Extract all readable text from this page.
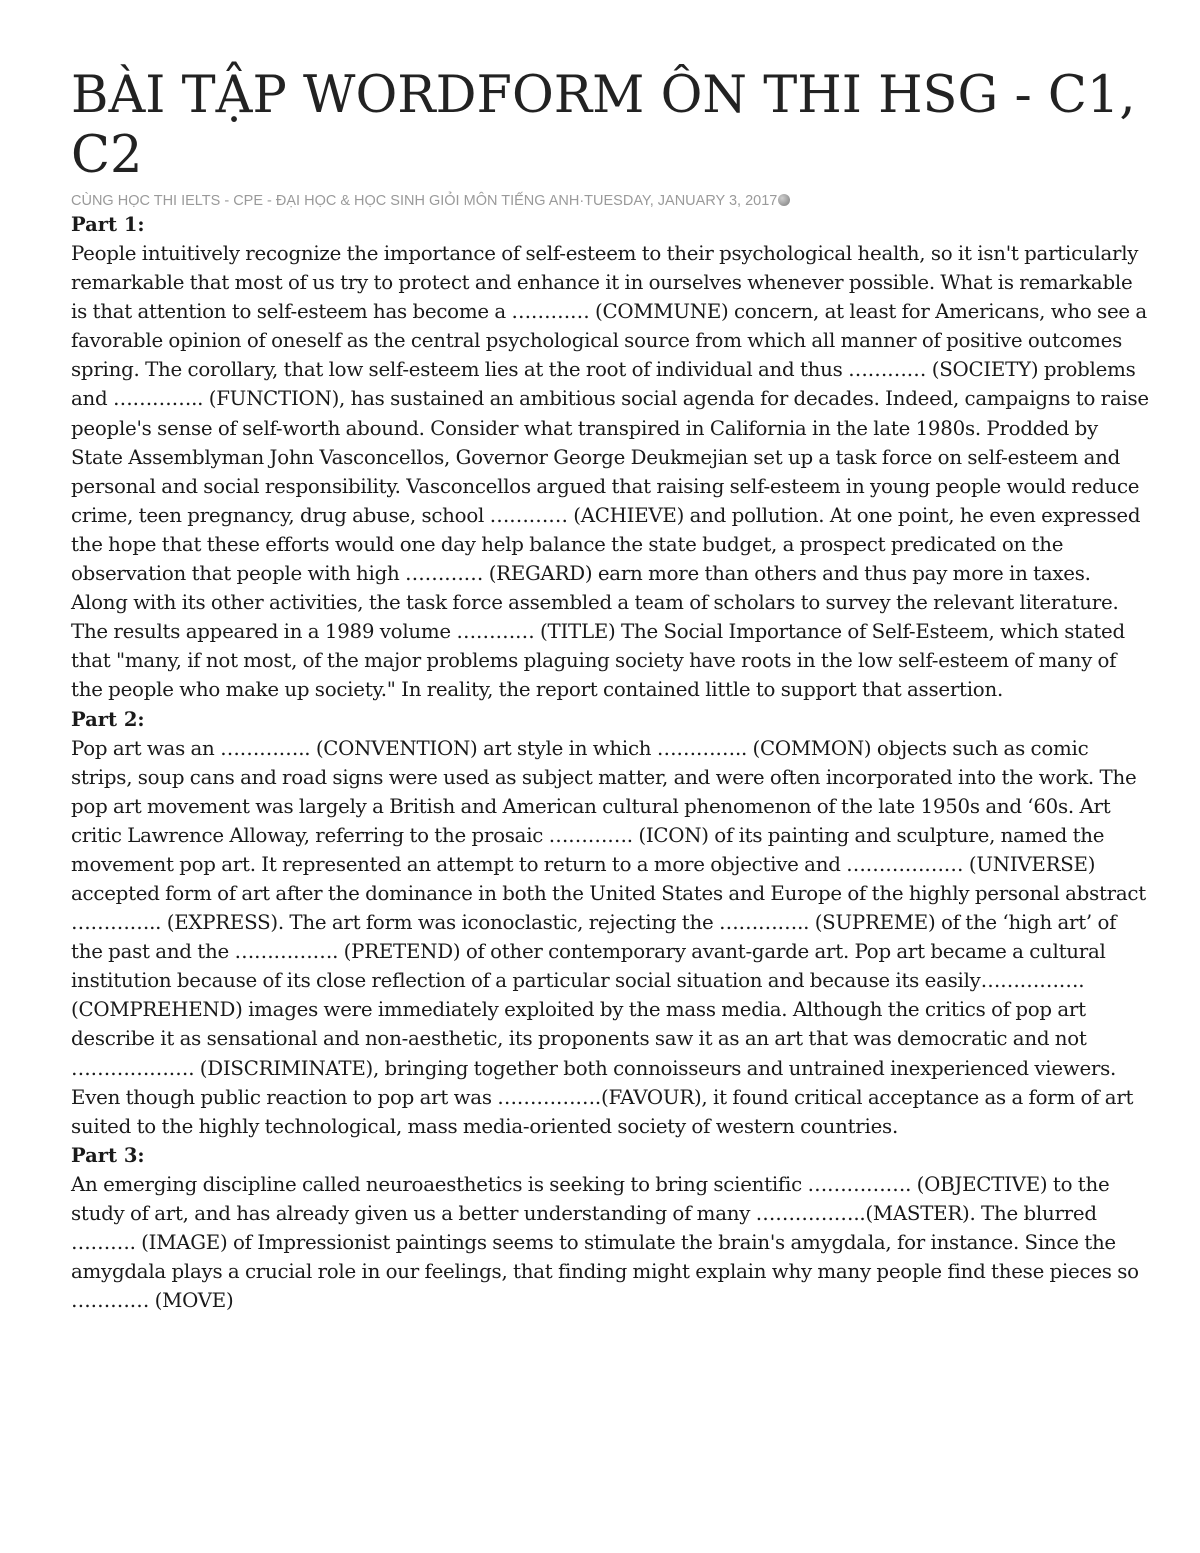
BÀI TẬP WORDFORM ÔN THI HSG - C1, C2
CÙNG HỌC THI IELTS - CPE - ĐẠI HỌC & HỌC SINH GIỎI MÔN TIẾNG ANH·TUESDAY, JANUARY 3, 2017

Part 1:

People intuitively recognize the importance of self-esteem to their psychological health, so it isn't particularly remarkable that most of us try to protect and enhance it in ourselves whenever possible. What is remarkable is that attention to self-esteem has become a ………… (COMMUNE) concern, at least for Americans, who see a favorable opinion of oneself as the central psychological source from which all manner of positive outcomes spring. The corollary, that low self-esteem lies at the root of individual and thus ………… (SOCIETY) problems and ………….. (FUNCTION), has sustained an ambitious social agenda for decades. Indeed, campaigns to raise people's sense of self-worth abound. Consider what transpired in California in the late 1980s. Prodded by State Assemblyman John Vasconcellos, Governor George Deukmejian set up a task force on self-esteem and personal and social responsibility. Vasconcellos argued that raising self-esteem in young people would reduce crime, teen pregnancy, drug abuse, school ………… (ACHIEVE) and pollution. At one point, he even expressed the hope that these efforts would one day help balance the state budget, a prospect predicated on the observation that people with high ………… (REGARD) earn more than others and thus pay more in taxes. Along with its other activities, the task force assembled a team of scholars to survey the relevant literature. The results appeared in a 1989 volume ………… (TITLE) The Social Importance of Self-Esteem, which stated that "many, if not most, of the major problems plaguing society have roots in the low self-esteem of many of the people who make up society." In reality, the report contained little to support that assertion.

Part 2:

Pop art was an ………….. (CONVENTION) art style in which ………….. (COMMON) objects such as comic strips, soup cans and road signs were used as subject matter, and were often incorporated into the work. The pop art movement was largely a British and American cultural phenomenon of the late 1950s and ‘60s. Art critic Lawrence Alloway, referring to the prosaic …………. (ICON) of its painting and sculpture, named the movement pop art. It represented an attempt to return to a more objective and ……………… (UNIVERSE) accepted form of art after the dominance in both the United States and Europe of the highly personal abstract ………….. (EXPRESS). The art form was iconoclastic, rejecting the ………….. (SUPREME) of the ‘high art’ of the past and the ……………. (PRETEND) of other contemporary avant-garde art. Pop art became a cultural institution because of its close reflection of a particular social situation and because its easily……………. (COMPREHEND) images were immediately exploited by the mass media. Although the critics of pop art describe it as sensational and non-aesthetic, its proponents saw it as an art that was democratic and not ………………. (DISCRIMINATE), bringing together both connoisseurs and untrained inexperienced viewers. Even though public reaction to pop art was …………….(FAVOUR), it found critical acceptance as a form of art suited to the highly technological, mass media-oriented society of western countries.

Part 3:

An emerging discipline called neuroaesthetics is seeking to bring scientific ……………. (OBJECTIVE) to the study of art, and has already given us a better understanding of many ……………..(MASTER). The blurred ………. (IMAGE) of Impressionist paintings seems to stimulate the brain's amygdala, for instance. Since the amygdala plays a crucial role in our feelings, that finding might explain why many people find these pieces so ………… (MOVE)
